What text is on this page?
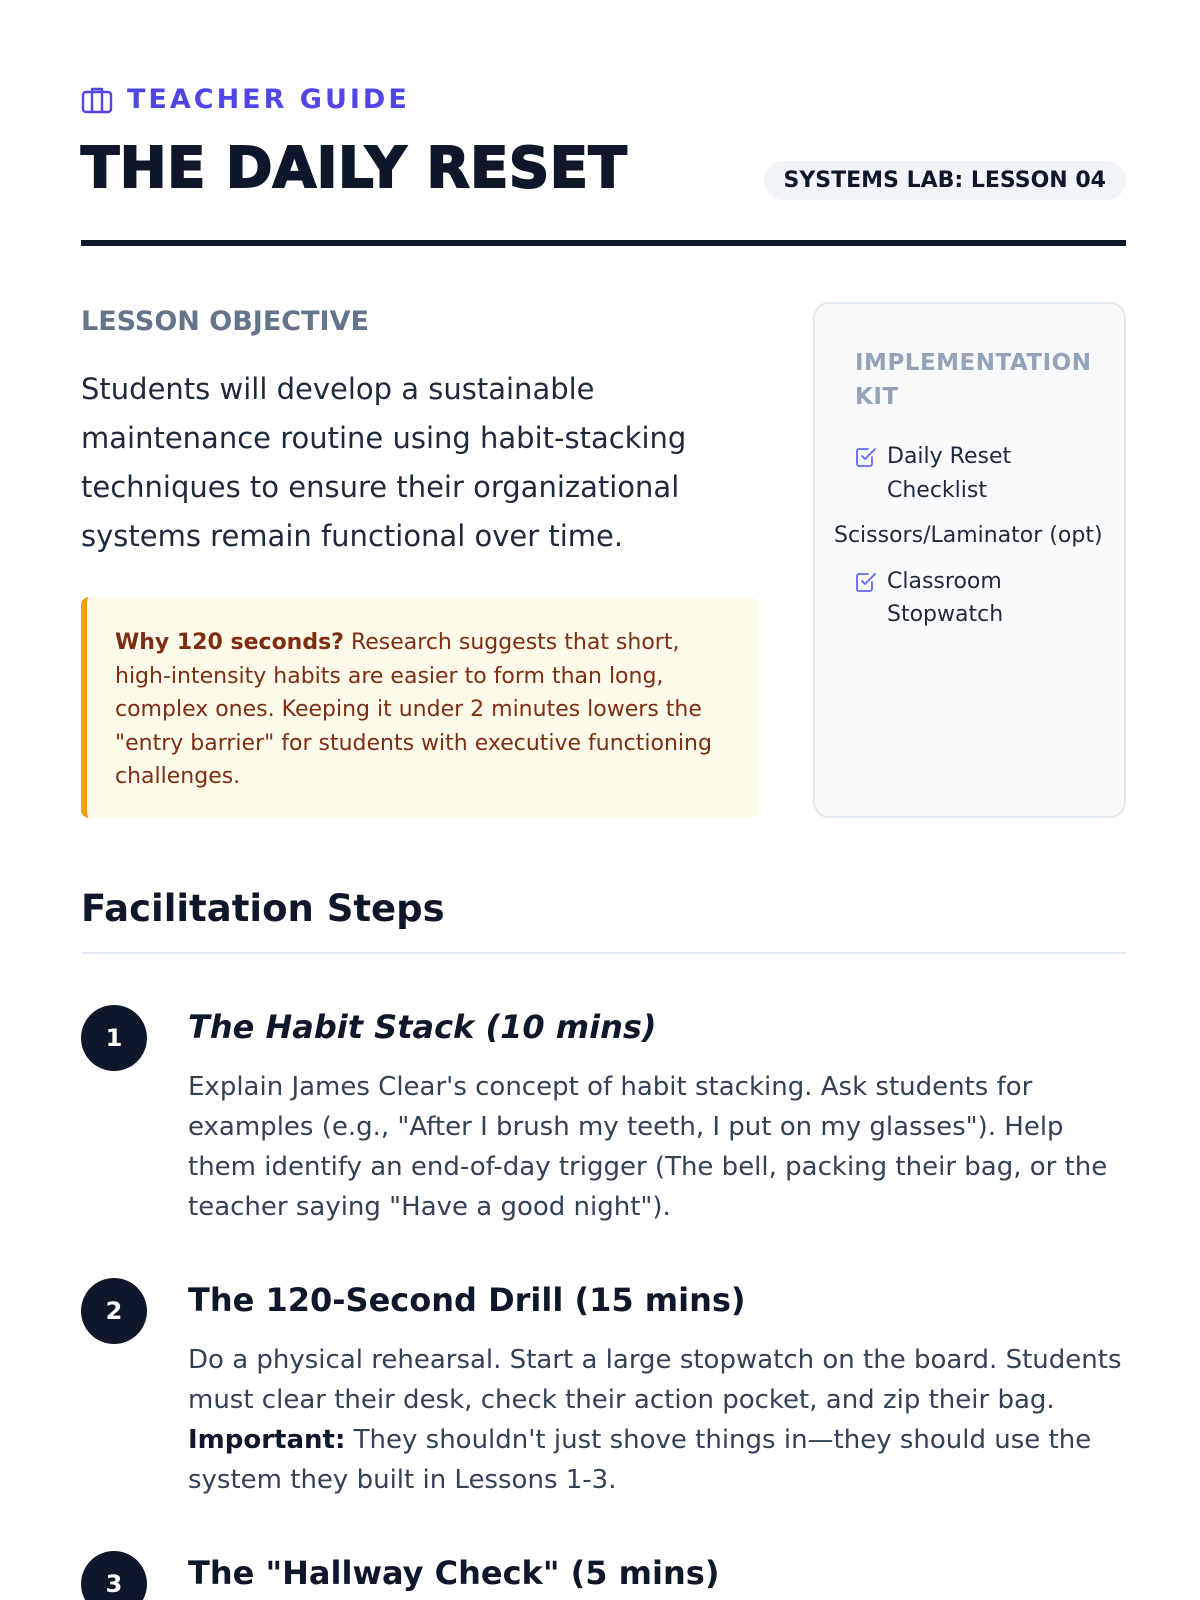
TEACHER GUIDE
THE DAILY RESET	SYSTEMS LAB: LESSON 04
LESSON OBJECTIVE

Students will develop a sustainable maintenance routine using habit-stacking techniques to ensure their organizational systems remain functional over time.

Why 120 seconds? Research suggests that short, high-intensity habits are easier to form than long, complex ones. Keeping it under 2 minutes lowers the "entry barrier" for students with executive functioning challenges.
IMPLEMENTATION KIT
Daily Reset Checklist
Scissors/Laminator (opt)
Classroom Stopwatch
Facilitation Steps
1	The Habit Stack (10 mins)

Explain James Clear's concept of habit stacking. Ask students for examples (e.g., "After I brush my teeth, I put on my glasses"). Help them identify an end-of-day trigger (The bell, packing their bag, or the teacher saying "Have a good night").

2	The 120-Second Drill (15 mins)

Do a physical rehearsal. Start a large stopwatch on the board. Students must clear their desk, check their action pocket, and zip their bag. Important: They shouldn't just shove things in—they should use the system they built in Lessons 1-3.

3	The "Hallway Check" (5 mins)
